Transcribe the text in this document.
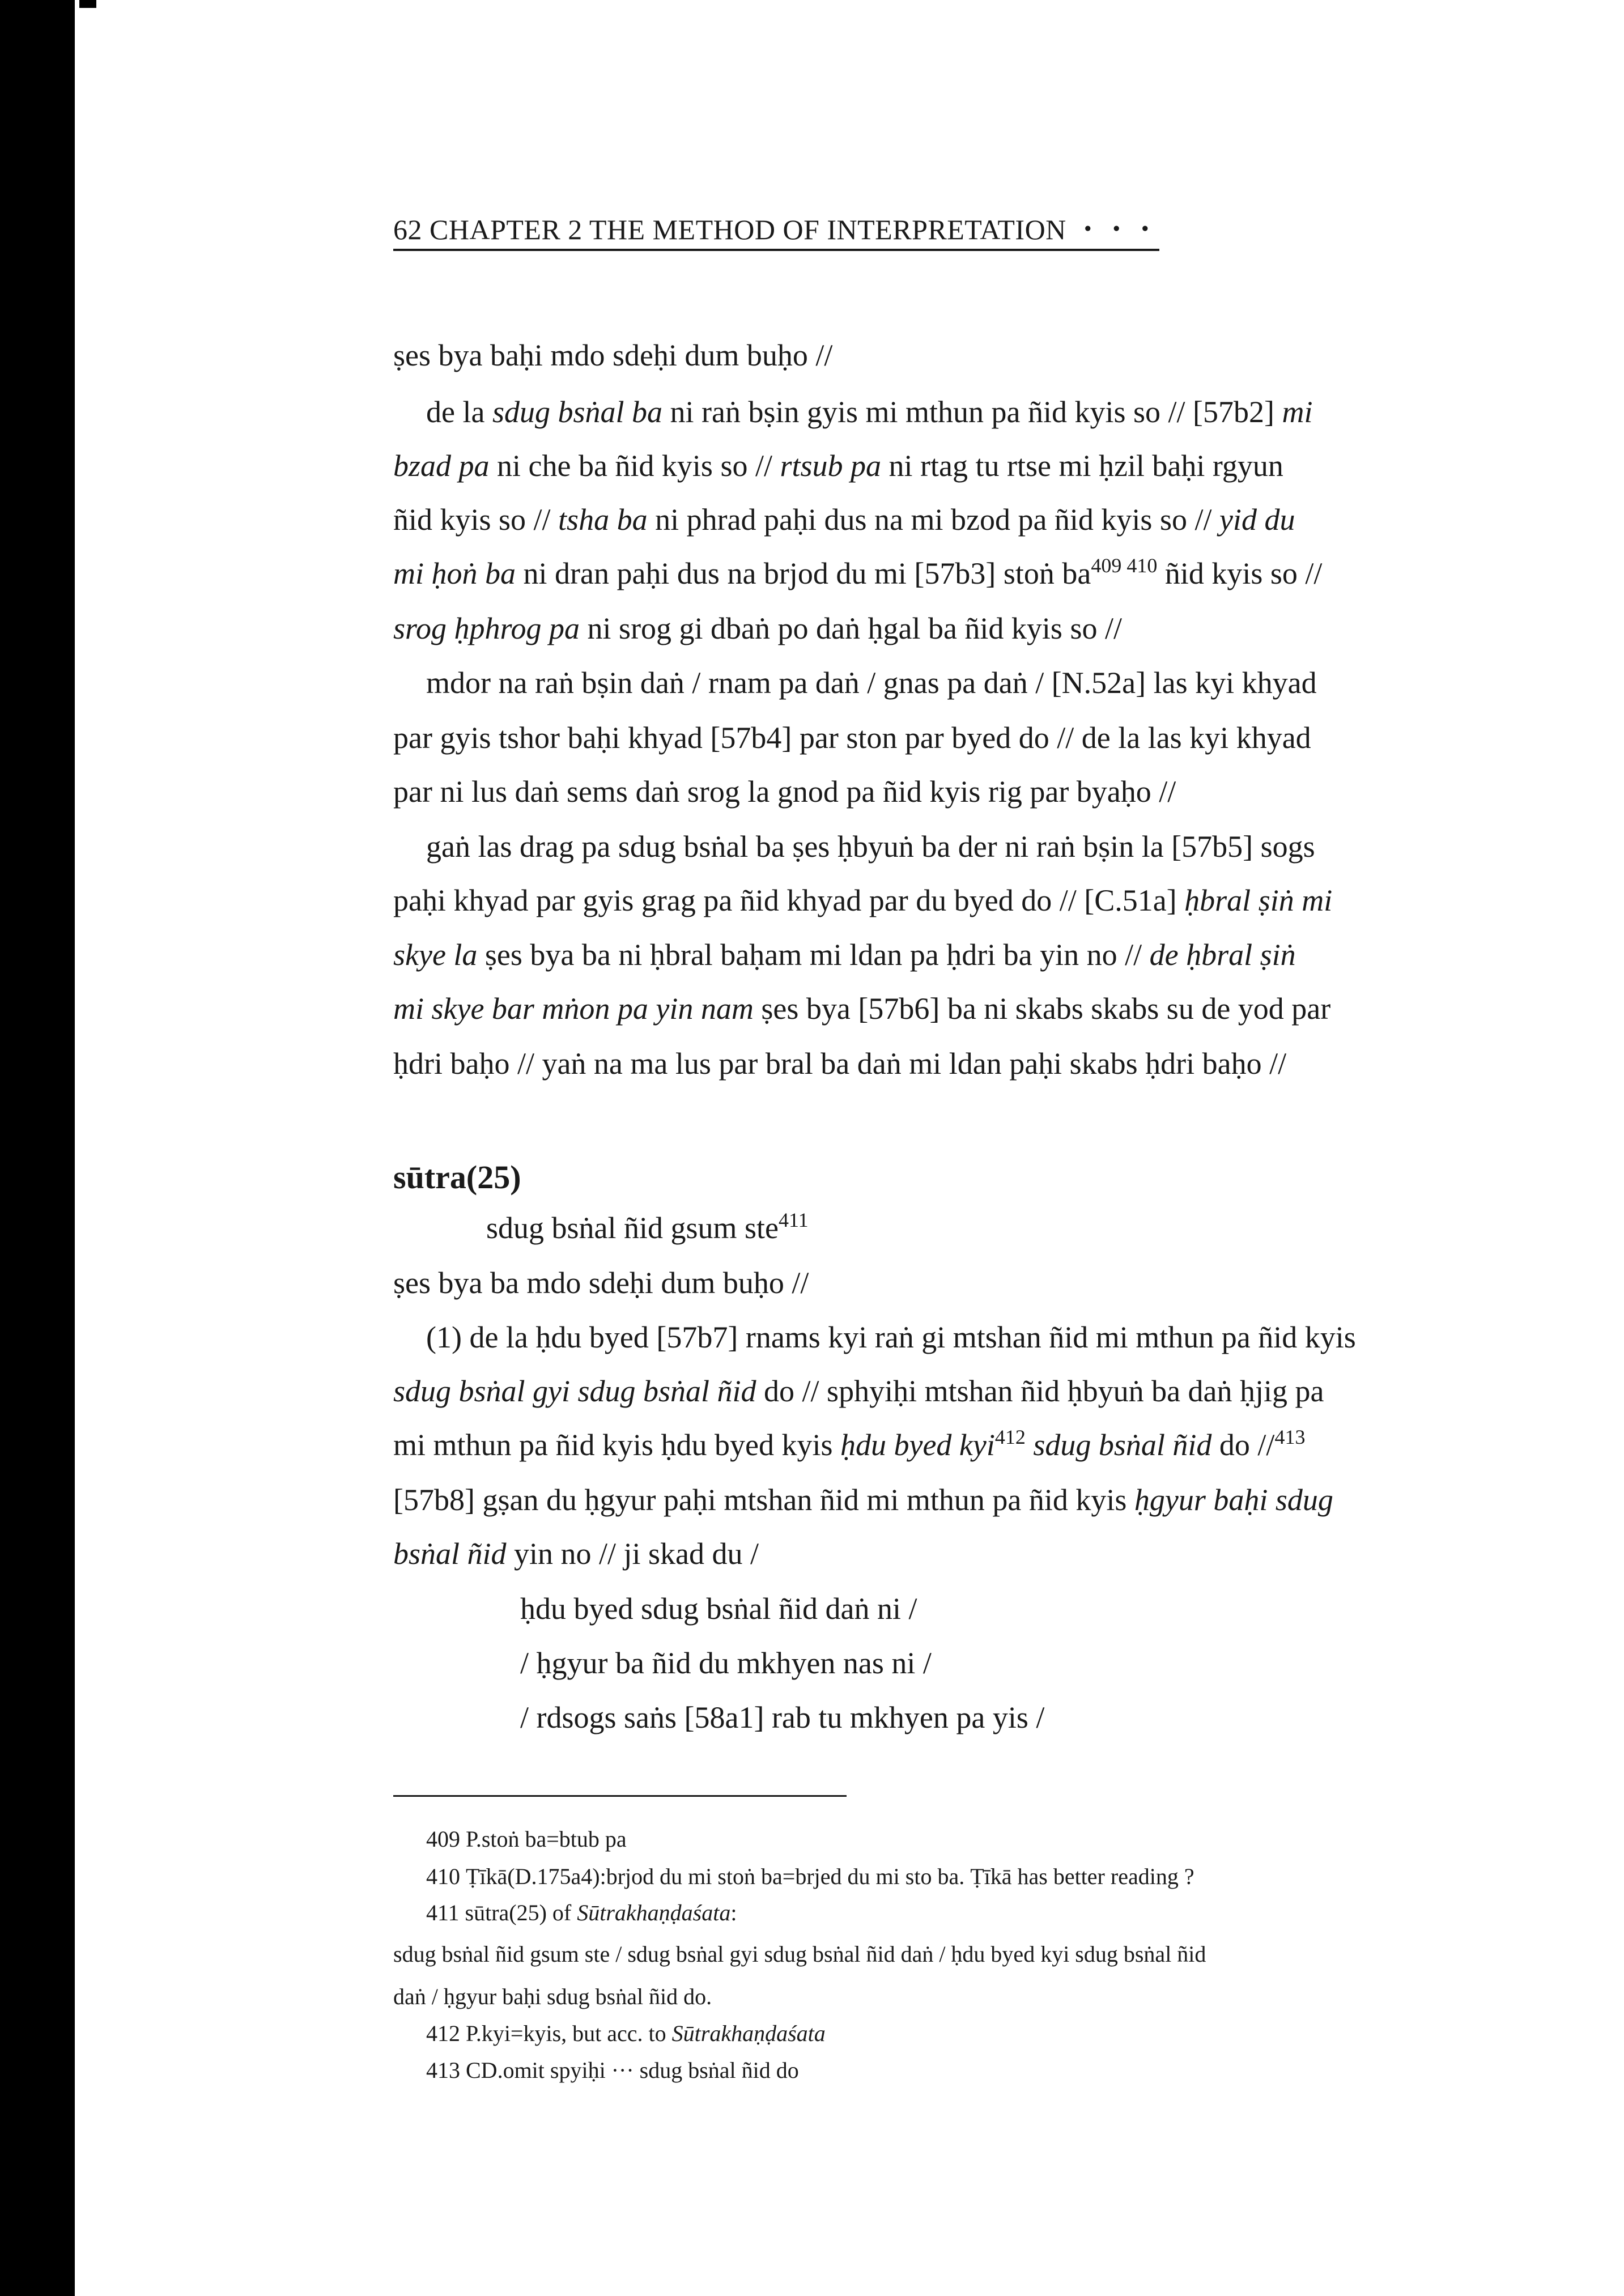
62 CHAPTER 2 THE METHOD OF INTERPRETATION ・・・
ṣes bya baḥi mdo sdeḥi dum buḥo //
de la sdug bsṅal ba ni raṅ bṣin gyis mi mthun pa ñid kyis so // [57b2] mi
bzad pa ni che ba ñid kyis so // rtsub pa ni rtag tu rtse mi ḥzil baḥi rgyun
ñid kyis so // tsha ba ni phrad paḥi dus na mi bzod pa ñid kyis so // yid du
mi ḥoṅ ba ni dran paḥi dus na brjod du mi [57b3] stoṅ $ba^{409 410}$ ñid kyis so //
srog ḥphrog pa ni srog gi dbaṅ po daṅ ḥgal ba ñid kyis so //
mdor na raṅ bṣin daṅ / rnam pa daṅ / gnas pa daṅ / [N.52a] las kyi khyad
par gyis tshor baḥi khyad [57b4] par ston par byed do // de la las kyi khyad
par ni lus daṅ sems daṅ srog la gnod pa ñid kyis rig par byaḥo //
gaṅ las drag pa sdug bsṅal ba ṣes ḥbyuṅ ba der ni raṅ bṣin la [57b5] sogs
paḥi khyad par gyis grag pa ñid khyad par du byed do // [C.51a] ḥbral ṣiṅ mi
skye la ṣes bya ba ni ḥbral baḥam mi ldan pa ḥdri ba yin no // de ḥbral ṣiṅ
mi skye bar mṅon pa yin nam ṣes bya [57b6] ba ni skabs skabs su de yod par
ḥdri baḥo // yaṅ na ma lus par bral ba daṅ mi ldan paḥi skabs ḥdri baḥo //
sūtra(25)
sdug bsṅal ñid gsum ste$^{411}$
ṣes bya ba mdo sdeḥi dum buḥo //
(1) de la ḥdu byed [57b7] rnams kyi raṅ gi mtshan ñid mi mthun pa ñid kyis
sdug bsṅal gyi sdug bsṅal ñid do // sphyiḥi mtshan ñid ḥbyuṅ ba daṅ ḥjig pa
mi mthun pa ñid kyis ḥdu byed kyis ḥdu byed kyi$^{412}$ sdug bsṅal ñid do //$^{413}$
[57b8] gṣan du ḥgyur paḥi mtshan ñid mi mthun pa ñid kyis ḥgyur baḥi sdug
bsṅal ñid yin no // ji skad du /
ḥdu byed sdug bsṅal ñid daṅ ni /
/ ḥgyur ba ñid du mkhyen nas ni /
/ rdsogs saṅs [58a1] rab tu mkhyen pa yis /
409 P.stoṅ ba=btub pa
410 Ṭīkā(D.175a4):brjod du mi stoṅ ba=brjed du mi sto ba. Ṭīkā has better reading ?
411 sūtra(25) of Sūtrakhaṇḍaśata:
sdug bsṅal ñid gsum ste / sdug bsṅal gyi sdug bsṅal ñid daṅ / ḥdu byed kyi sdug bsṅal ñid
daṅ / ḥgyur baḥi sdug bsṅal ñid do.
412 P.kyi=kyis, but acc. to Sūtrakhaṇḍaśata
413 CD.omit spyiḥi ··· sdug bsṅal ñid do
